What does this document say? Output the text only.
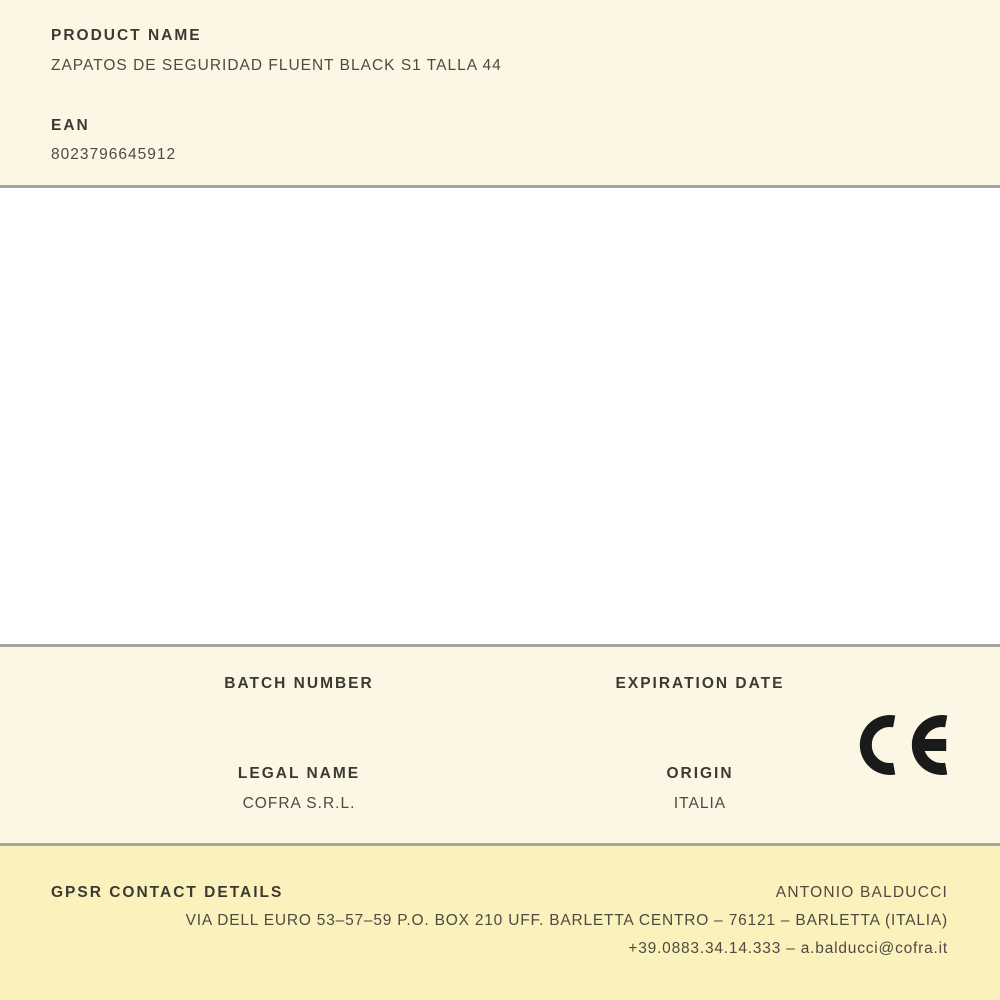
PRODUCT NAME
ZAPATOS DE SEGURIDAD FLUENT BLACK S1 TALLA 44
EAN
8023796645912
BATCH NUMBER	EXPIRATION DATE
LEGAL NAME
COFRA S.R.L.
ORIGIN
ITALIA
GPSR CONTACT DETAILS	ANTONIO BALDUCCI
VIA DELL EURO 53–57–59 P.O. BOX 210 UFF. BARLETTA CENTRO – 76121 – BARLETTA (ITALIA)
+39.0883.34.14.333 – a.balducci@cofra.it
